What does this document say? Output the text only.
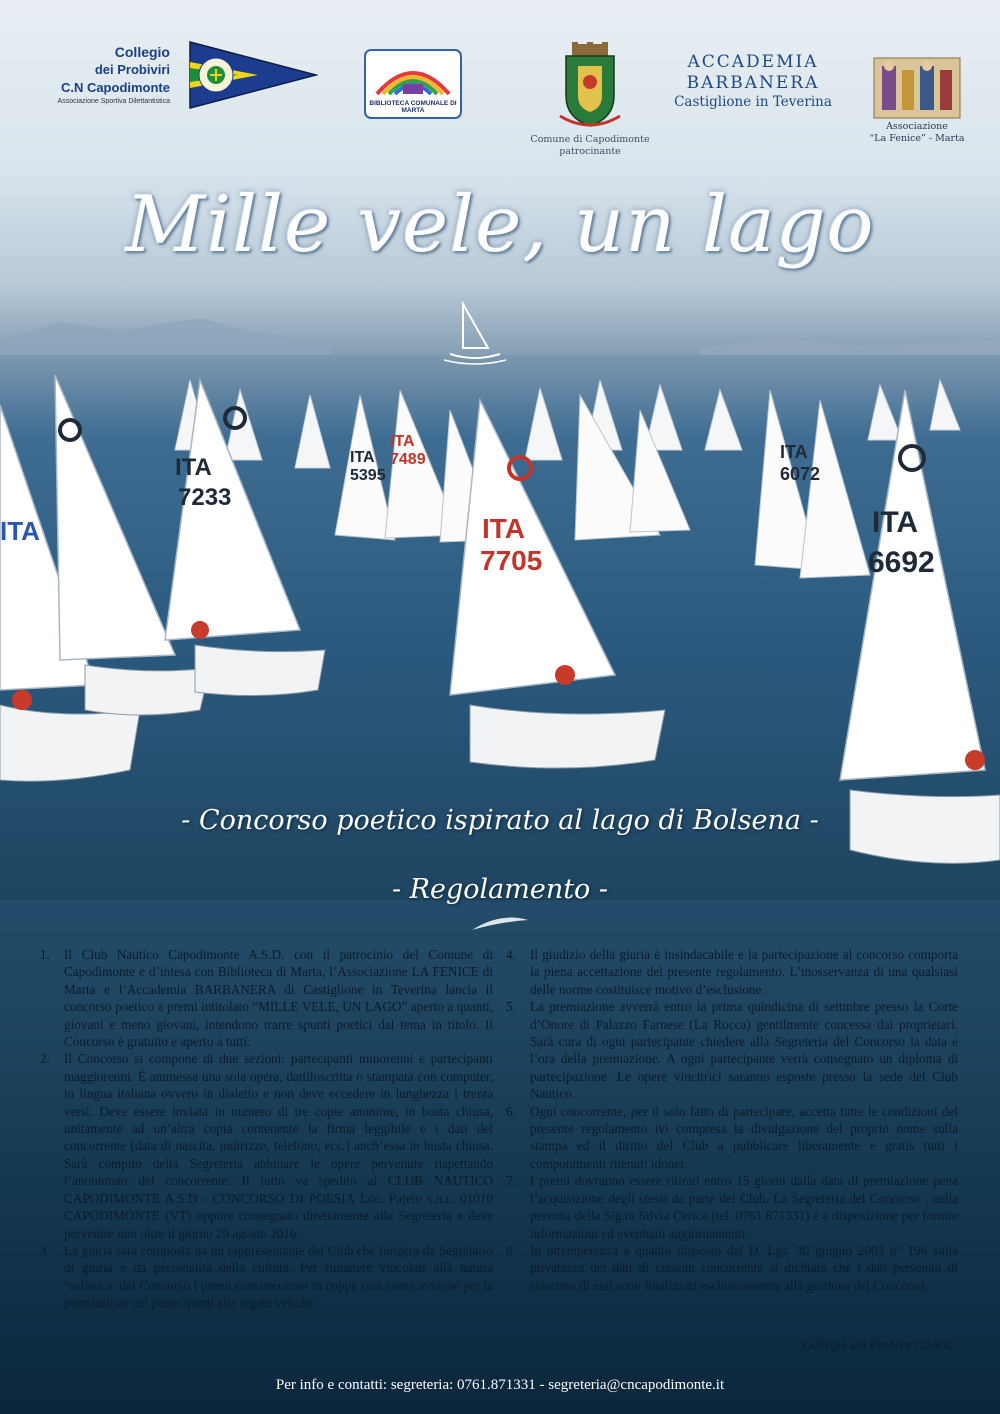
Collegio
dei Probiviri
C.N Capodimonte
Associazione Sportiva Dilettantistica	BIBLIOTECA COMUNALE DI MARTA
Comune di Capodimonte
patrocinante
ACCADEMIA
BARBANERA
Castiglione in Teverina
Associazione
“La Fenice” - Marta
Mille vele, un lago
ITA
7233
ITA
5395
ITA
7489
ITA
7705
ITA
6072
ITA
6692
ITA
- Concorso poetico ispirato al lago di Bolsena -
- Regolamento -
1. Il Club Nautico Capodimonte A.S.D. con il patrocinio del Comune di Capodimonte e d’intesa con Biblioteca di Marta, l’Associazione LA FENICE di Marta e l’Accademia BARBANERA di Castiglione in Teverina lancia il concorso poetico a premi intitolato “MILLE VELE, UN LAGO” aperto a quanti, giovani e meno giovani, intendono trarre spunti poetici dal tema in titolo. Il Concorso è gratuito e aperto a tutti.
2. Il Concorso si compone di due sezioni: partecipanti minorenni e partecipanti maggiorenni. È ammessa una sola opera, dattiloscritta o stampata con computer, in lingua italiana ovvero in dialetto e non deve eccedere in lunghezza i trenta versi. Deve essere inviata in numero di tre copie anonime, in busta chiusa, unitamente ad un’altra copia contenente la firma leggibile e i dati del concorrente (data di nascita, indirizzo, telefono, ecc.) anch’essa in busta chiusa. Sarà compito della Segreteria abbinare le opere pervenute rispettando l’anonimato del concorrente. Il tutto va spedito al CLUB NAUTICO CAPODIMONTE A.S.D - CONCORSO DI POESIA Loc. Pajeto s.n.c. 01010 CAPODIMONTE (VT) oppure consegnato direttamente alla Segreteria e deve pervenire non oltre il giorno 20 agosto 2016.
3. La giuria sarà composta da un rappresentante del Club che fungerà da Segretario di giuria e da personalità della cultura. Per rimanere vincolati alla natura ‘velistica’ del Concorso i premi consisteranno in coppe così come avviene per la premiazione dei partecipanti alle regate veliche.
4. Il giudizio della giuria è insindacabile e la partecipazione al concorso comporta la piena accettazione del presente regolamento. L’inosservanza di una qualsiasi delle norme costituisce motivo d’esclusione.
5. La premiazione avverrà entro la prima quindicina di settmbre presso la Corte d’Onore di Palazzo Farnese (La Rocca) gentilmente concessa dai proprietari. Sarà cura di ogni partecipante chiedere alla Segreteria del Concorso la data e l’ora della premiazione. A ogni partecipante verrà consegnato un diploma di partecipazione. Le opere vincitrici saranno esposte presso la sede del Club Nautico.
6. Ogni concorrente, per il solo fatto di partecipare, accetta tutte le condizioni del presente regolamento ivi compresa la divulgazione del proprio nome sulla stampa ed il diritto del Club a pubblicare liberamente e gratis tutti i componimenti ritenuti idonei.
7. I premi dovranno essere ritirati entro 15 giorni dalla data di premiazione pena l’acquisizione degli stessi da parte del Club. La Segreteria del Concorso , nella persona della Sig.ra Silvia Cerica (tel. 0761 871331) è a disposizione per fornire informazioni ed eventuali aggiornamenti.
8. In ottemperanza a quanto disposto dal D. Lgs. 30 giugno 2003 n° 196 sulla privatezza dei dati di ciascun concorrente si dichiara che i dati personali di ciascuno di essi sono finalizzati esclusivamente alla gestione del Concorso.
Collegio dei Probiviri C.N.C.
Per info e contatti: segreteria: 0761.871331 - segreteria@cncapodimonte.it
